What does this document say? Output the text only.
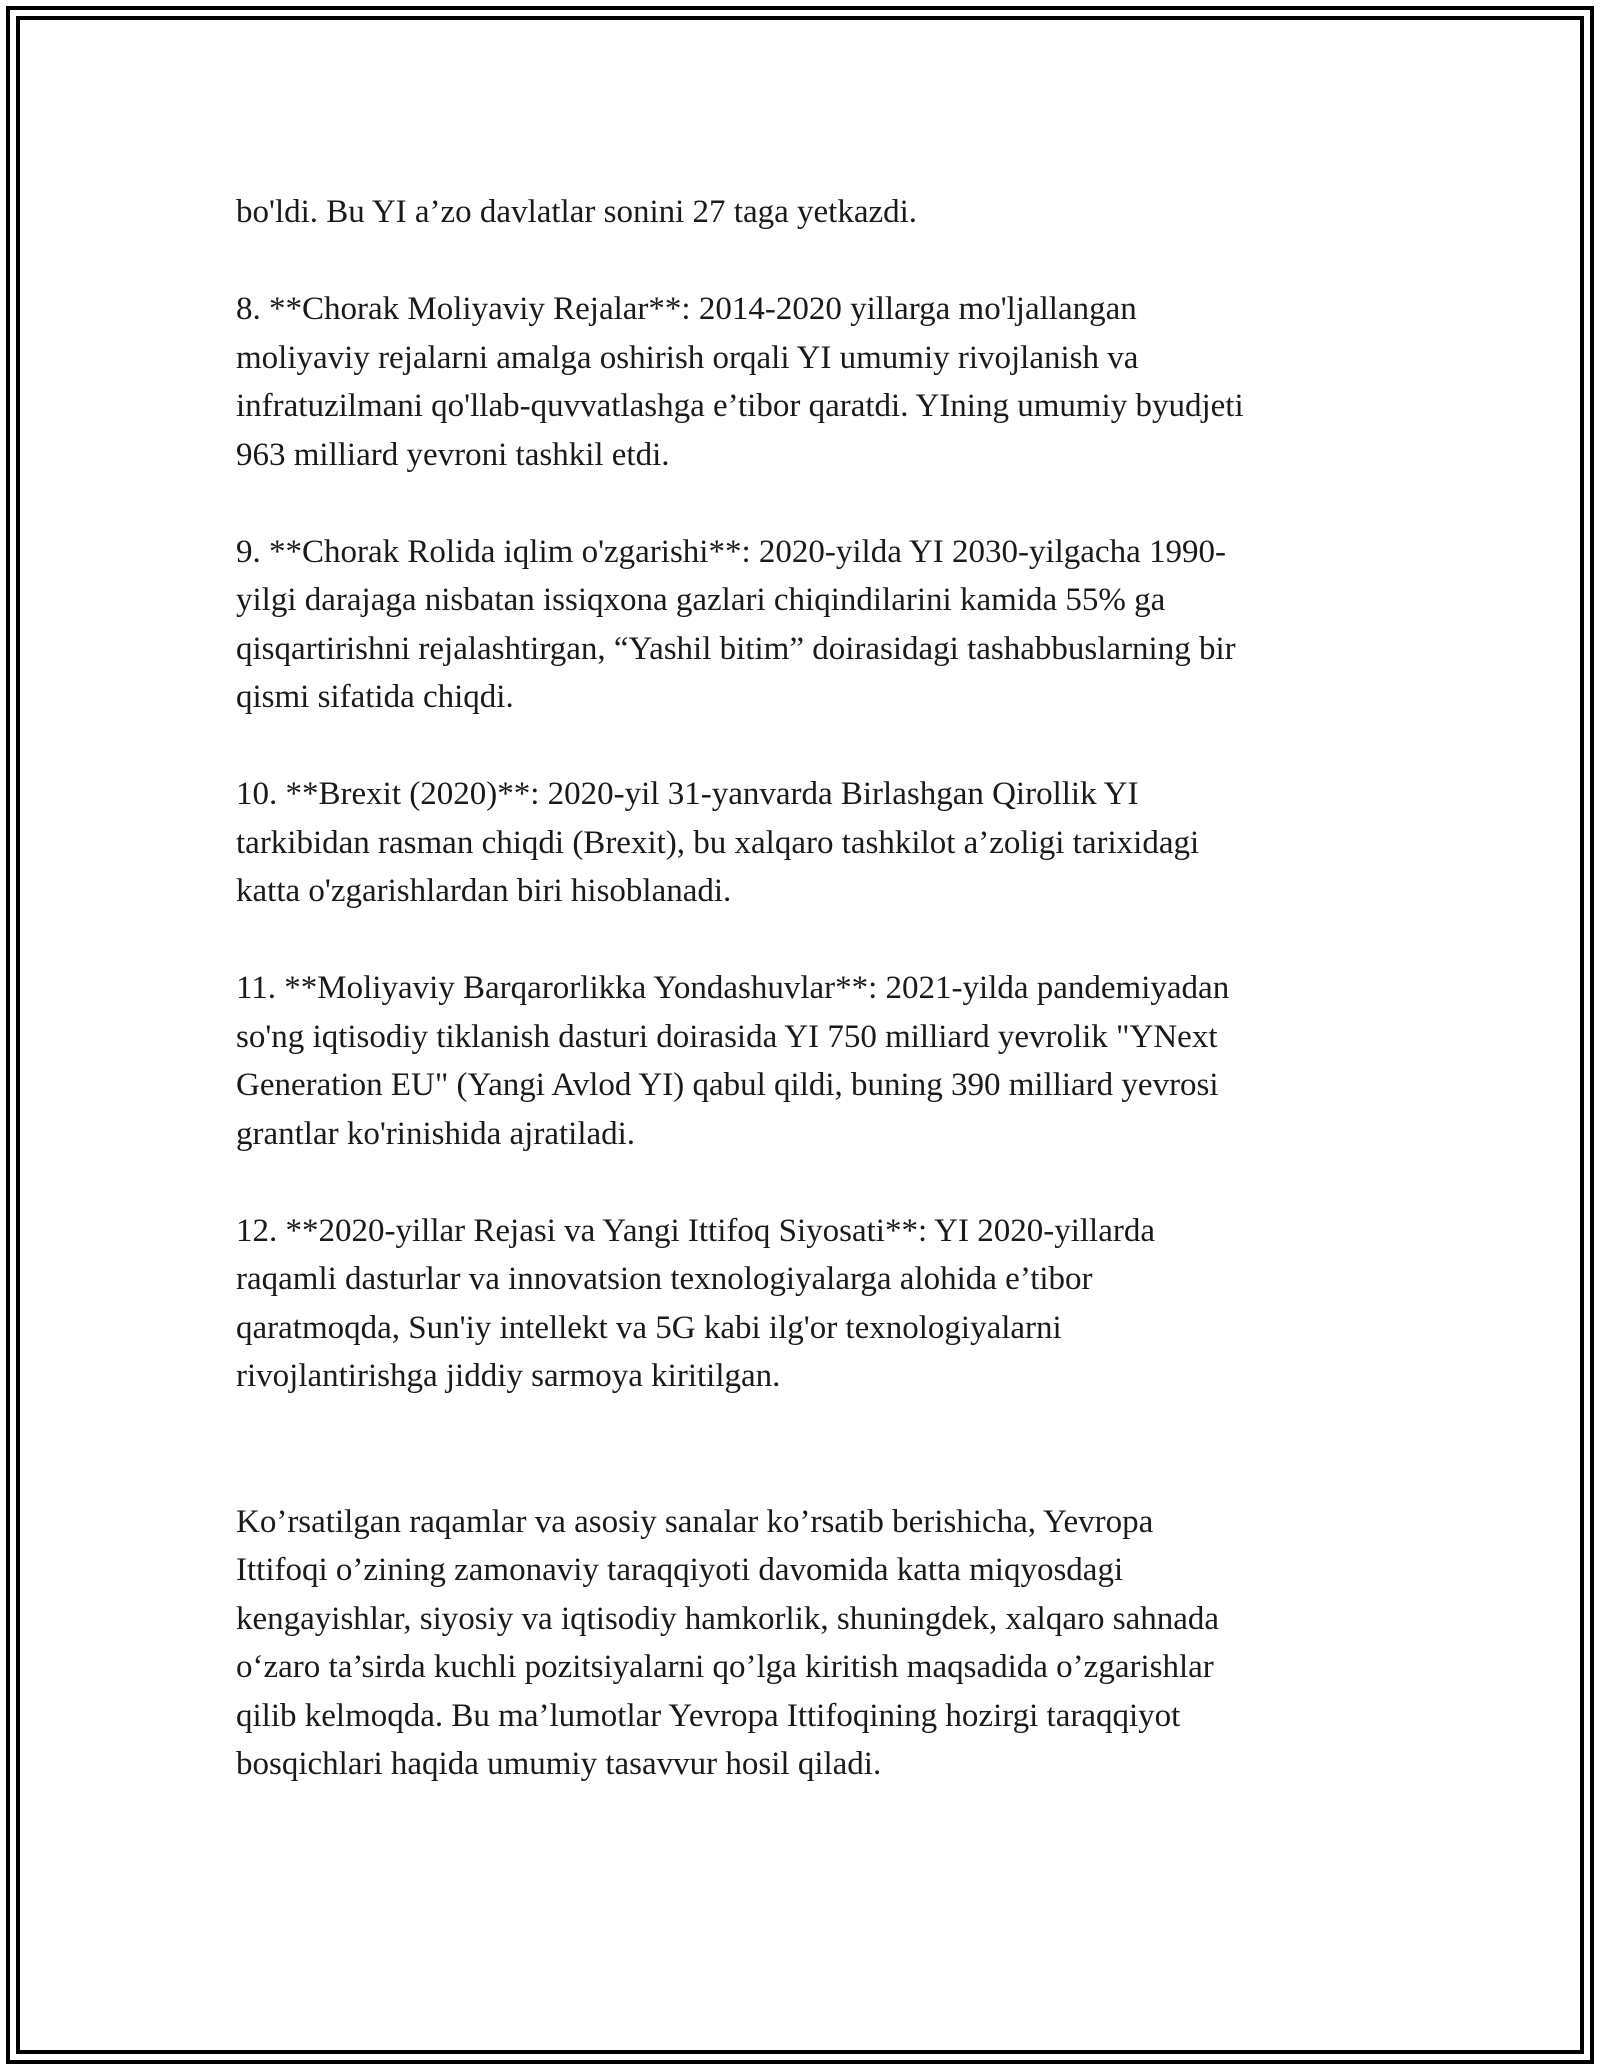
bo'ldi. Bu YI a’zo davlatlar sonini 27 taga yetkazdi.

8. **Chorak Moliyaviy Rejalar**: 2014-2020 yillarga mo'ljallangan
moliyaviy rejalarni amalga oshirish orqali YI umumiy rivojlanish va
infratuzilmani qo'llab-quvvatlashga e’tibor qaratdi. YIning umumiy byudjeti
963 milliard yevroni tashkil etdi.

9. **Chorak Rolida iqlim o'zgarishi**: 2020-yilda YI 2030-yilgacha 1990-
yilgi darajaga nisbatan issiqxona gazlari chiqindilarini kamida 55% ga
qisqartirishni rejalashtirgan, “Yashil bitim” doirasidagi tashabbuslarning bir
qismi sifatida chiqdi.

10. **Brexit (2020)**: 2020-yil 31-yanvarda Birlashgan Qirollik YI
tarkibidan rasman chiqdi (Brexit), bu xalqaro tashkilot a’zoligi tarixidagi
katta o'zgarishlardan biri hisoblanadi.

11. **Moliyaviy Barqarorlikka Yondashuvlar**: 2021-yilda pandemiyadan
so'ng iqtisodiy tiklanish dasturi doirasida YI 750 milliard yevrolik "YNext
Generation EU" (Yangi Avlod YI) qabul qildi, buning 390 milliard yevrosi
grantlar ko'rinishida ajratiladi.

12. **2020-yillar Rejasi va Yangi Ittifoq Siyosati**: YI 2020-yillarda
raqamli dasturlar va innovatsion texnologiyalarga alohida e’tibor
qaratmoqda, Sun'iy intellekt va 5G kabi ilg'or texnologiyalarni
rivojlantirishga jiddiy sarmoya kiritilgan.

Ko’rsatilgan raqamlar va asosiy sanalar ko’rsatib berishicha, Yevropa
Ittifoqi o’zining zamonaviy taraqqiyoti davomida katta miqyosdagi
kengayishlar, siyosiy va iqtisodiy hamkorlik, shuningdek, xalqaro sahnada
o‘zaro ta’sirda kuchli pozitsiyalarni qo’lga kiritish maqsadida o’zgarishlar
qilib kelmoqda. Bu ma’lumotlar Yevropa Ittifoqining hozirgi taraqqiyot
bosqichlari haqida umumiy tasavvur hosil qiladi.
